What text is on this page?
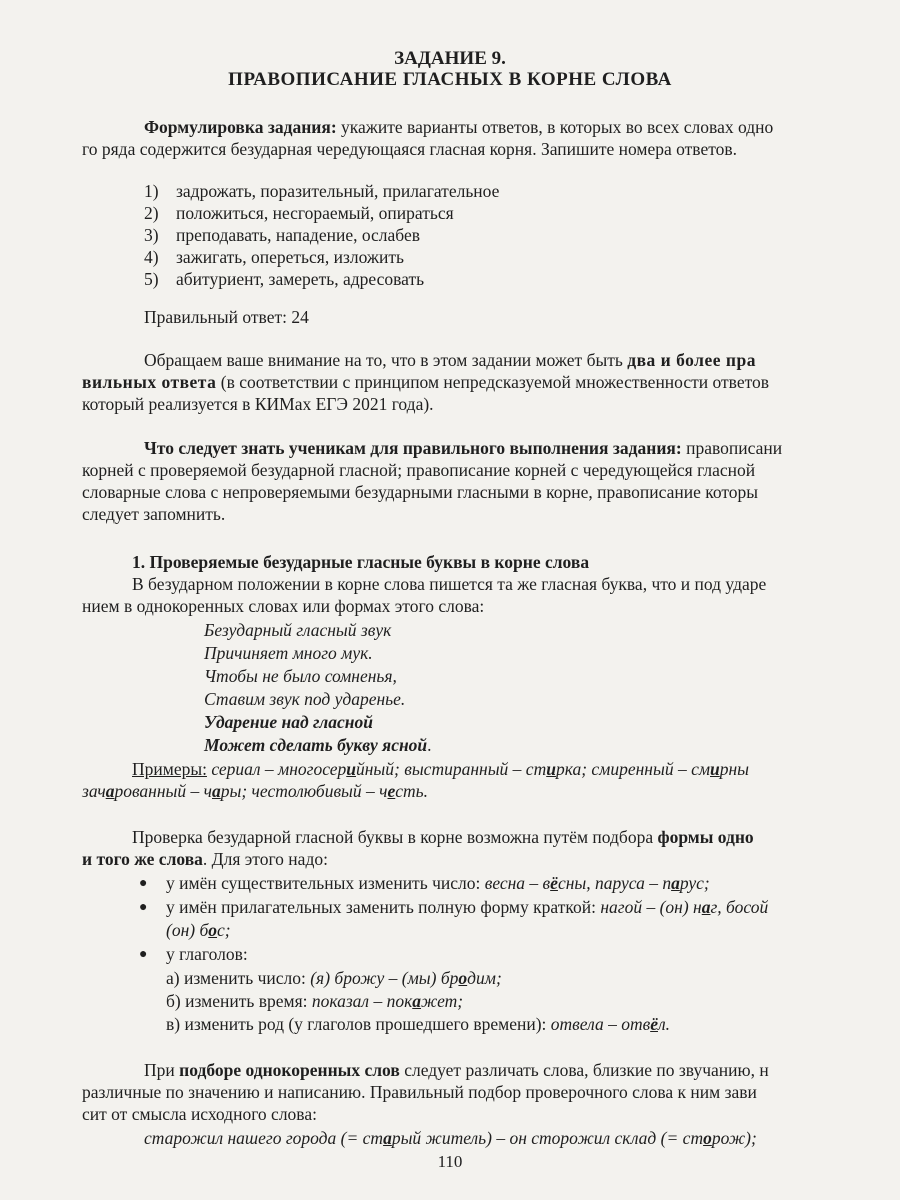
ЗАДАНИЕ 9.
ПРАВОПИСАНИЕ ГЛАСНЫХ В КОРНЕ СЛОВА
Формулировка задания: укажите варианты ответов, в которых во всех словах одно
го ряда содержится безударная чередующаяся гласная корня. Запишите номера ответов.
1) задрожать, поразительный, прилагательное
2) положиться, несгораемый, опираться
3) преподавать, нападение, ослабев
4) зажигать, опереться, изложить
5) абитуриент, замереть, адресовать
Правильный ответ: 24
Обращаем ваше внимание на то, что в этом задании может быть два и более пра
вильных ответа (в соответствии с принципом непредсказуемой множественности ответов
который реализуется в КИМах ЕГЭ 2021 года).
Что следует знать ученикам для правильного выполнения задания: правописани
корней с проверяемой безударной гласной; правописание корней с чередующейся гласной
словарные слова с непроверяемыми безударными гласными в корне, правописание которы
следует запомнить.
1. Проверяемые безударные гласные буквы в корне слова
В безударном положении в корне слова пишется та же гласная буква, что и под ударе
нием в однокоренных словах или формах этого слова:
Безударный гласный звук
Причиняет много мук.
Чтобы не было сомненья,
Ставим звук под ударенье.
Ударение над гласной
Может сделать букву ясной.
Примеры: сериал – многосерийный; выстиранный – стирка; смиренный – смирны
зачарованный – чары; честолюбивый – честь.
Проверка безударной гласной буквы в корне возможна путём подбора формы одно
и того же слова. Для этого надо:
● у имён существительных изменить число: весна – вёсны, паруса – парус;
● у имён прилагательных заменить полную форму краткой: нагой – (он) наг, босой
(он) бос;
● у глаголов:
а) изменить число: (я) брожу – (мы) бродим;
б) изменить время: показал – покажет;
в) изменить род (у глаголов прошедшего времени): отвела – отвёл.
При подборе однокоренных слов следует различать слова, близкие по звучанию, н
различные по значению и написанию. Правильный подбор проверочного слова к ним зави
сит от смысла исходного слова:
старожил нашего города (= старый житель) – он сторожил склад (= сторож);
110
